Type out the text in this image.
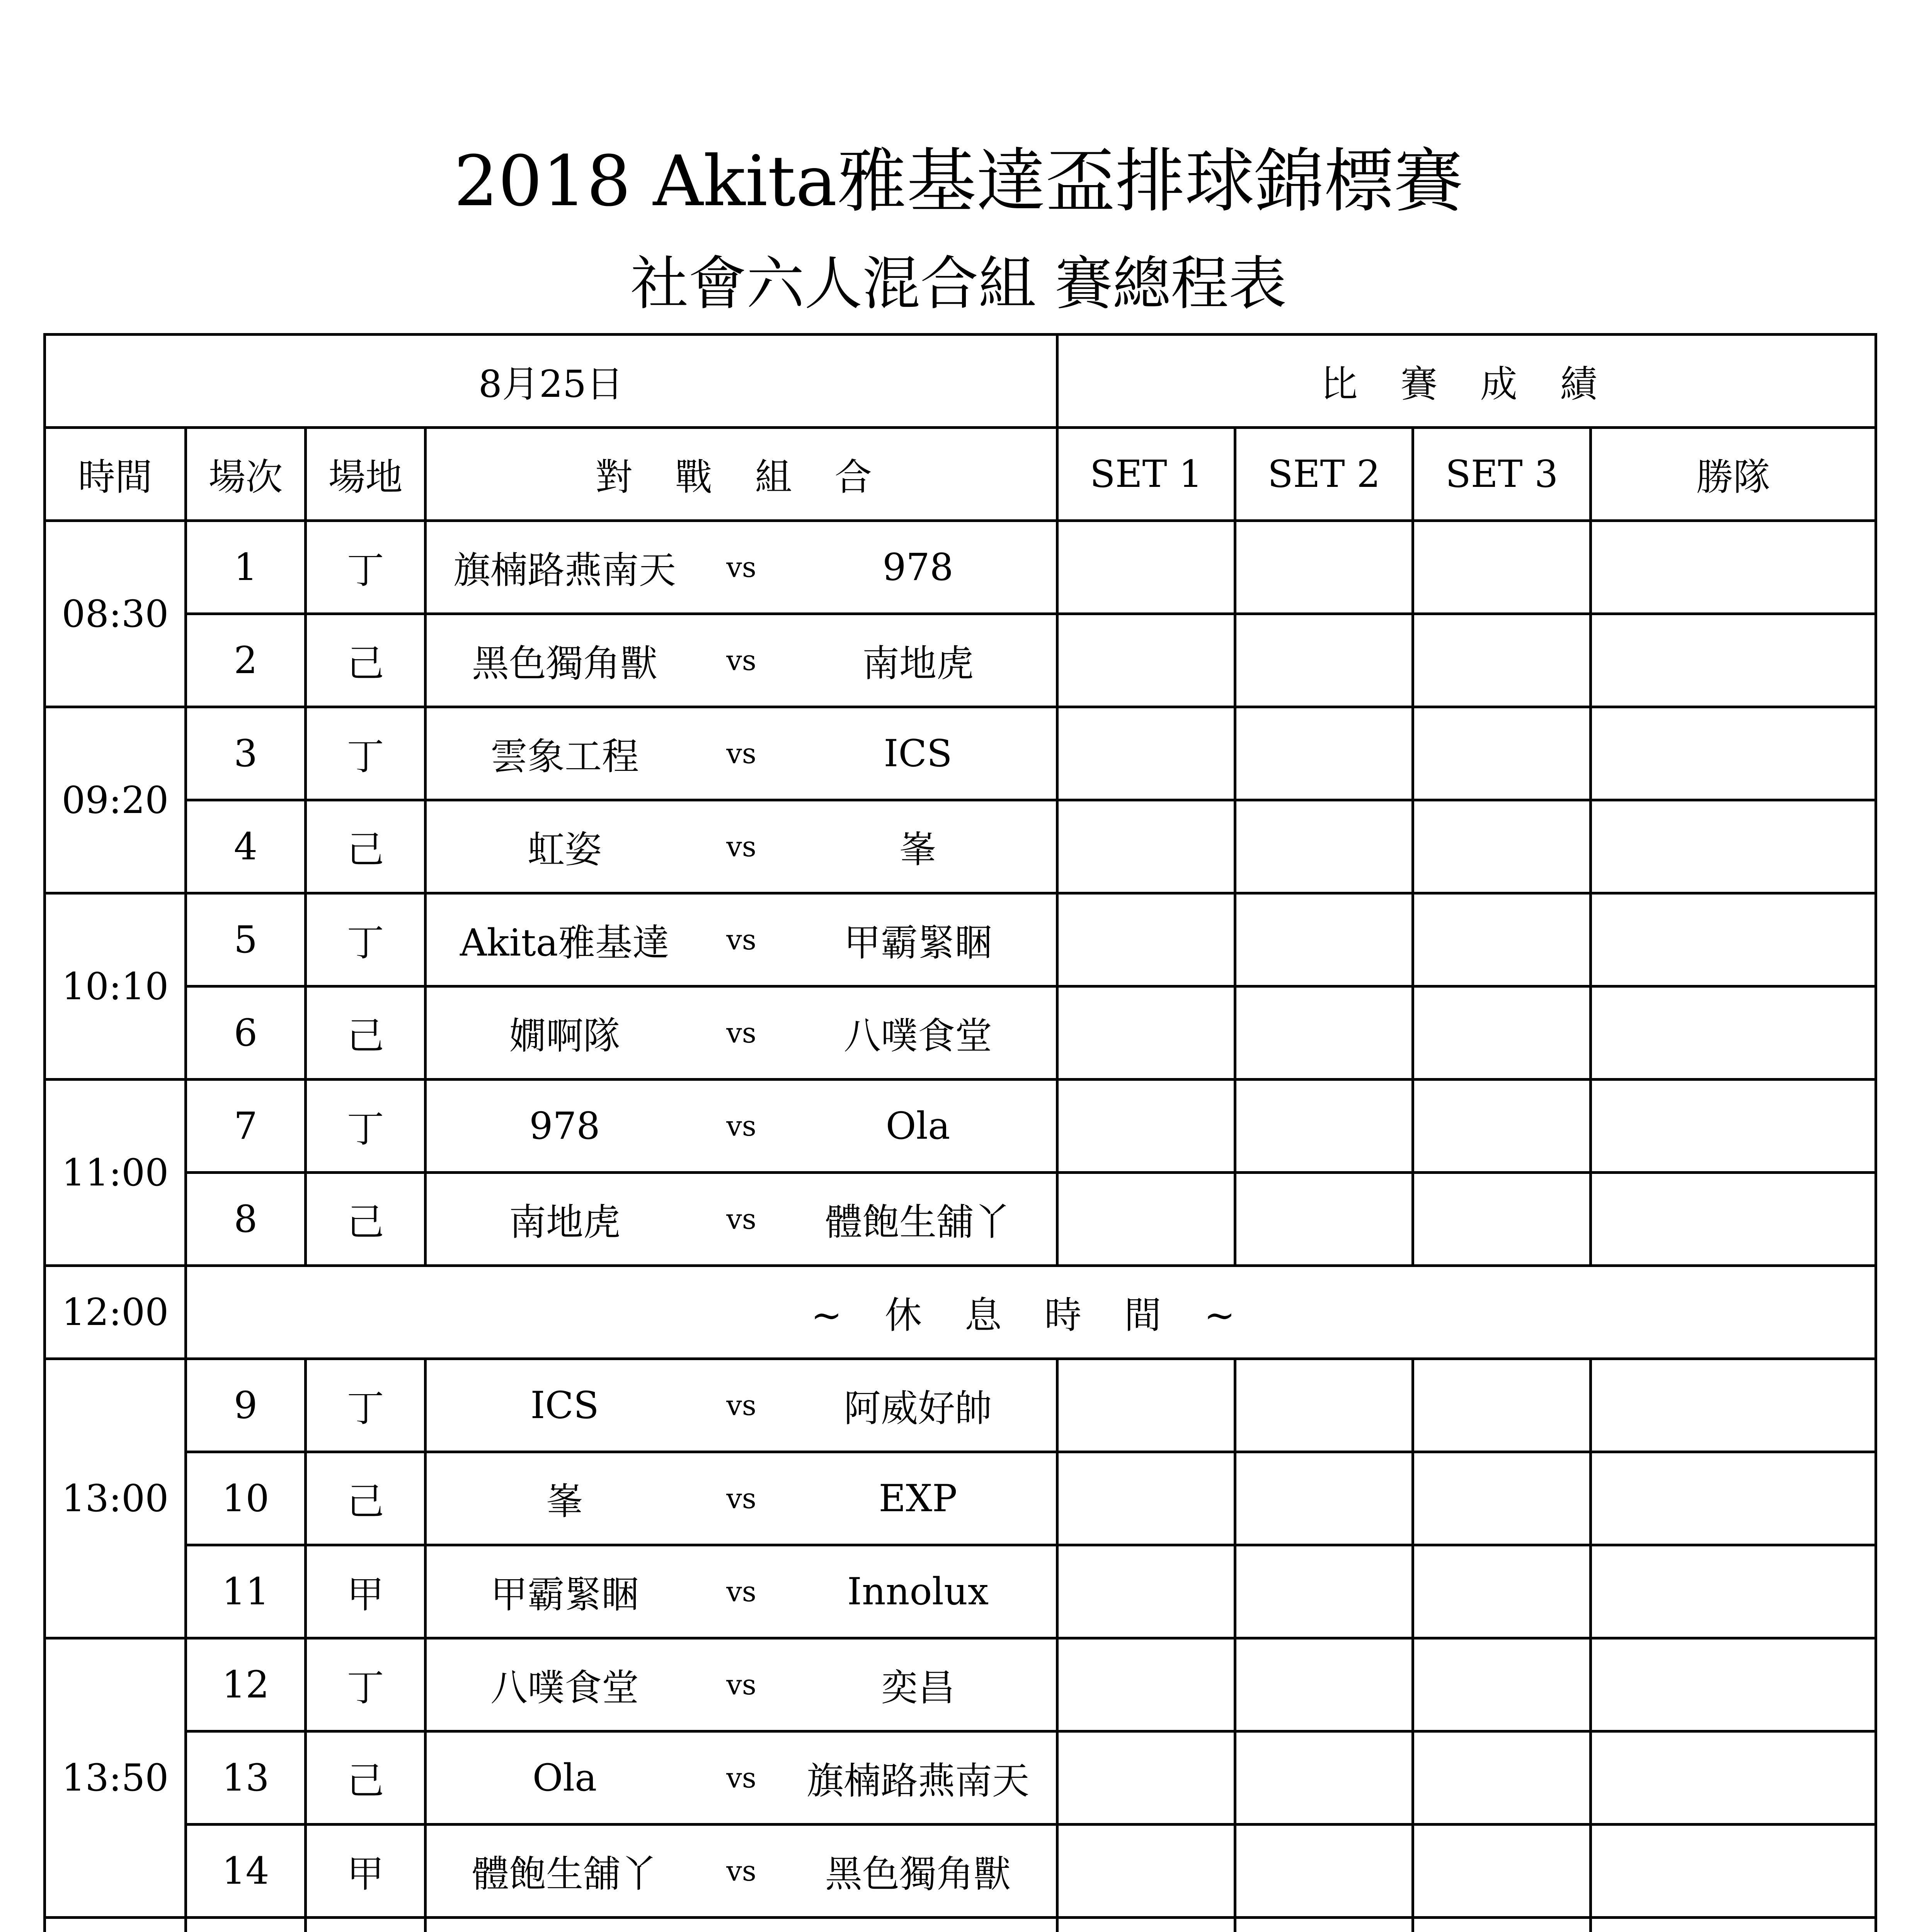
2018 Akita雅基達盃排球錦標賽
社會六人混合組 賽總程表
8月25日				比 賽 成 績			
時間	場次	場地	對 戰 組 合	SET 1	SET 2	SET 3	勝隊
08:30	1	丁	旗楠路燕南天 vs 978				

	2	己	黑色獨角獸 vs 南地虎				

09:20	3	丁	雲象工程 vs ICS				

	4	己	虹姿 vs 峯				

10:10	5	丁	Akita雅基達 vs 甲霸緊睏				

	6	己	嫺啊隊 vs 八噗食堂				

11:00	7	丁	978 vs Ola				

	8	己	南地虎 vs 體飽生舖丫				

12:00	~ 休 息 時 間 ~						
13:00	9	丁	ICS vs 阿威好帥				

	10	己	峯 vs EXP				

	11	甲	甲霸緊睏 vs Innolux				

13:50	12	丁	八噗食堂 vs 奕昌				

	13	己	Ola vs 旗楠路燕南天				

	14	甲	體飽生舖丫 vs 黑色獨角獸				
